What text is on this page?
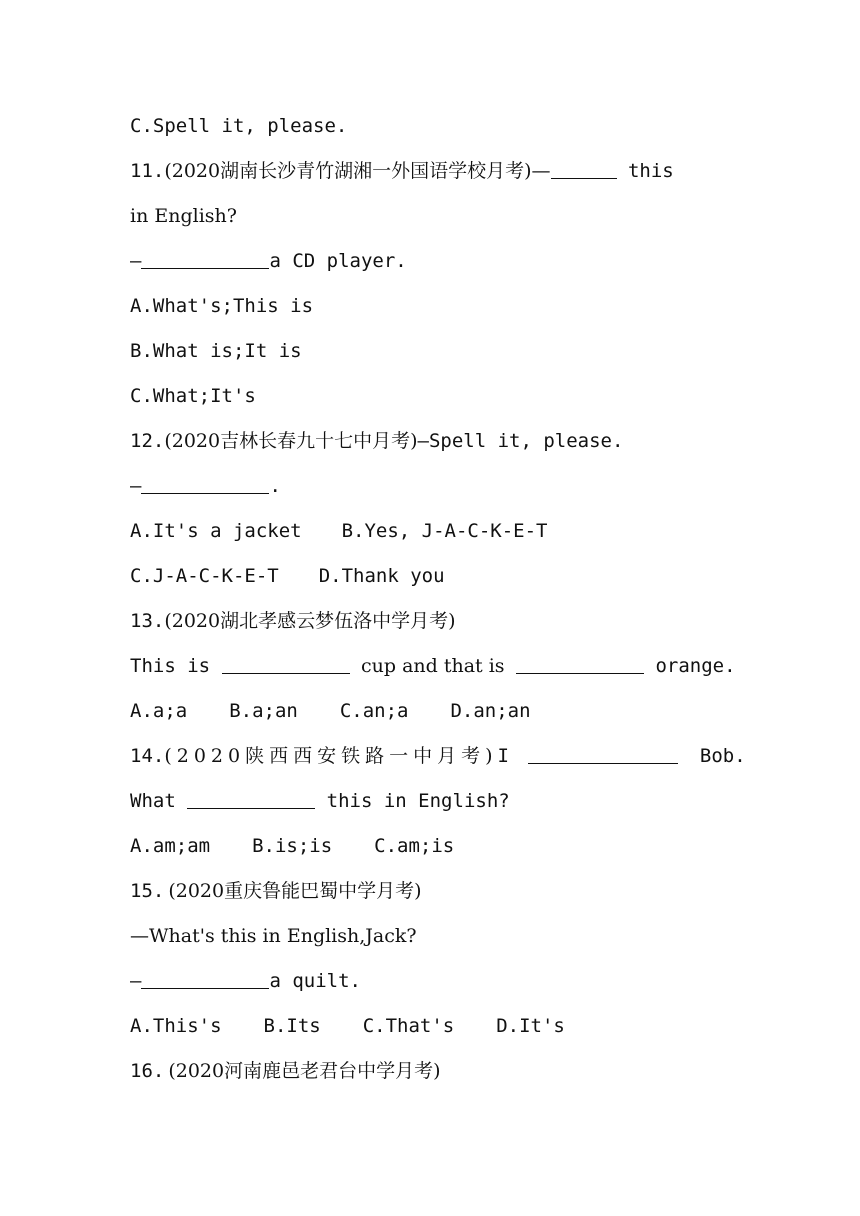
C.Spell it, please.
11.(2020湖南长沙青竹湖湘一外国语学校月考)—	this
in English?
—	a CD player.
A.What's;This is
B.What is;It is
C.What;It's
12.(2020吉林长春九十七中月考)—Spell it, please.
—	.
A.It's a jacket B.Yes, J-A-C-K-E-T
C.J-A-C-K-E-T D.Thank you
13.(2020湖北孝感云梦伍洛中学月考)
This is	cup and that is	orange.
A.a;a B.a;an C.an;a D.an;an
14.(2020陕西西安铁路一中月考)I	Bob.
What	this in English?
A.am;am B.is;is C.am;is
15. (2020重庆鲁能巴蜀中学月考)
—What's this in English,Jack?
—	a quilt.
A.This's B.Its C.That's D.It's
16. (2020河南鹿邑老君台中学月考)
